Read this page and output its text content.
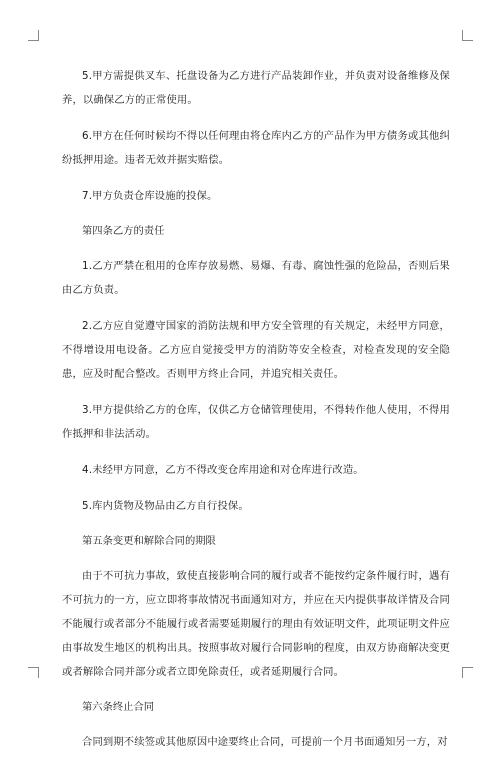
5.甲方需提供叉车、托盘设备为乙方进行产品装卸作业，并负责对设备维修及保养，以确保乙方的正常使用。

6.甲方在任何时候均不得以任何理由将仓库内乙方的产品作为甲方债务或其他纠纷抵押用途。违者无效并据实赔偿。

7.甲方负责仓库设施的投保。

第四条乙方的责任

1.乙方严禁在租用的仓库存放易燃、易爆、有毒、腐蚀性强的危险品，否则后果由乙方负责。

2.乙方应自觉遵守国家的消防法规和甲方安全管理的有关规定，未经甲方同意，不得增设用电设备。乙方应自觉接受甲方的消防等安全检查，对检查发现的安全隐患，应及时配合整改。否则甲方终止合同，并追究相关责任。

3.甲方提供给乙方的仓库，仅供乙方仓储管理使用，不得转作他人使用，不得用作抵押和非法活动。

4.未经甲方同意，乙方不得改变仓库用途和对仓库进行改造。

5.库内货物及物品由乙方自行投保。

第五条变更和解除合同的期限

由于不可抗力事故，致使直接影响合同的履行或者不能按约定条件履行时，遇有不可抗力的一方，应立即将事故情况书面通知对方，并应在天内提供事故详情及合同不能履行或者部分不能履行或者需要延期履行的理由有效证明文件，此项证明文件应由事故发生地区的机构出具。按照事故对履行合同影响的程度，由双方协商解决变更或者解除合同并部分或者立即免除责任，或者延期履行合同。

第六条终止合同

合同到期不续签或其他原因中途要终止合同，可提前一个月书面通知另一方，对
